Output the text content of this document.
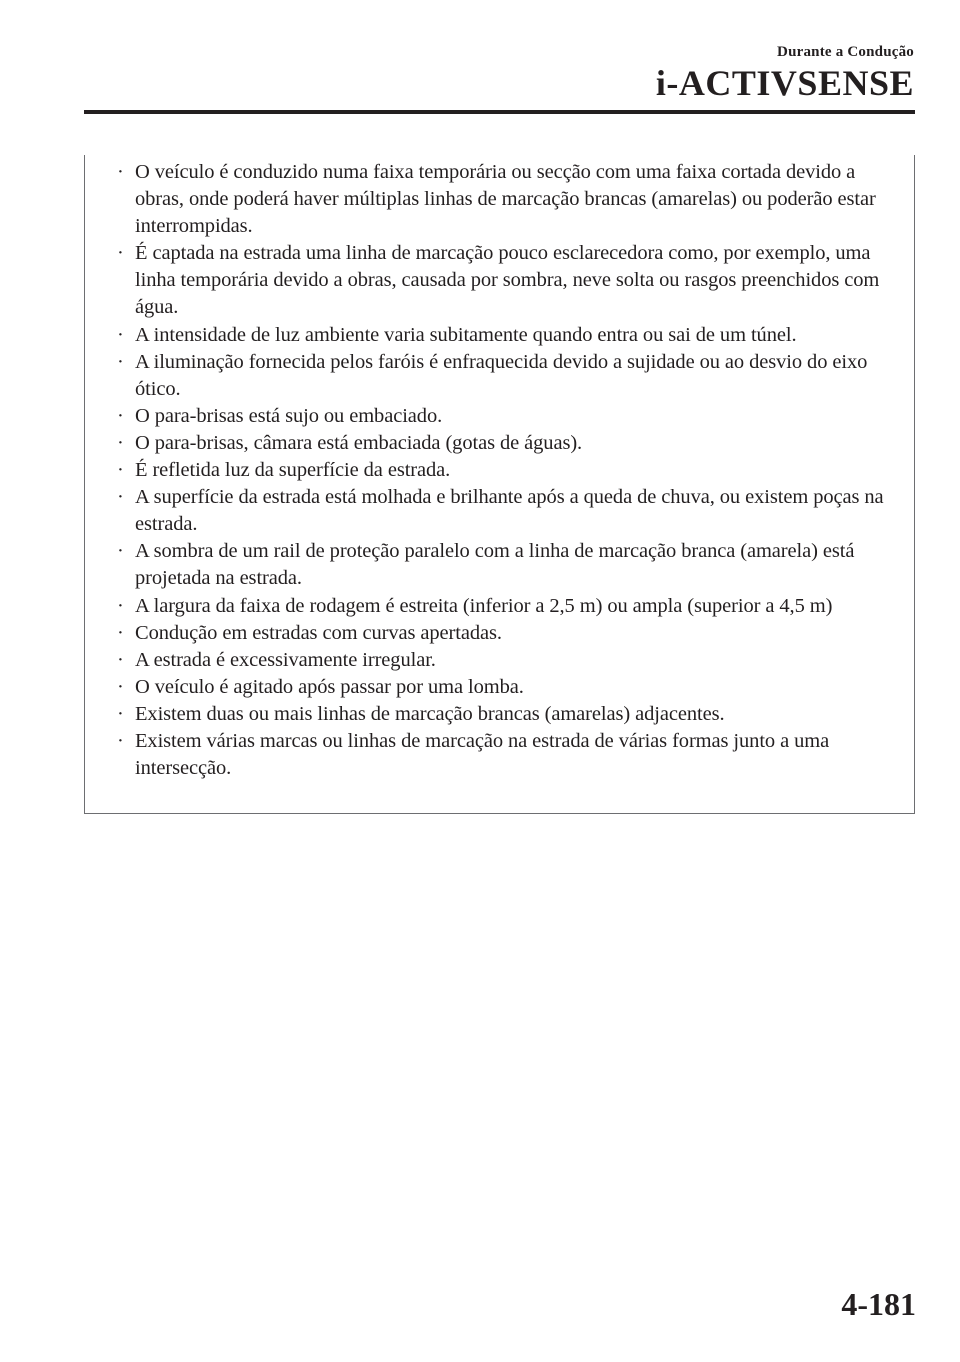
Durante a Condução
i-ACTIVSENSE
· O veículo é conduzido numa faixa temporária ou secção com uma faixa cortada devido a obras, onde poderá haver múltiplas linhas de marcação brancas (amarelas) ou poderão estar interrompidas.
· É captada na estrada uma linha de marcação pouco esclarecedora como, por exemplo, uma linha temporária devido a obras, causada por sombra, neve solta ou rasgos preenchidos com água.
· A intensidade de luz ambiente varia subitamente quando entra ou sai de um túnel.
· A iluminação fornecida pelos faróis é enfraquecida devido a sujidade ou ao desvio do eixo ótico.
· O para-brisas está sujo ou embaciado.
· O para-brisas, câmara está embaciada (gotas de águas).
· É refletida luz da superfície da estrada.
· A superfície da estrada está molhada e brilhante após a queda de chuva, ou existem poças na estrada.
· A sombra de um rail de proteção paralelo com a linha de marcação branca (amarela) está projetada na estrada.
· A largura da faixa de rodagem é estreita (inferior a 2,5 m) ou ampla (superior a 4,5 m)
· Condução em estradas com curvas apertadas.
· A estrada é excessivamente irregular.
· O veículo é agitado após passar por uma lomba.
· Existem duas ou mais linhas de marcação brancas (amarelas) adjacentes.
· Existem várias marcas ou linhas de marcação na estrada de várias formas junto a uma intersecção.
4-181
